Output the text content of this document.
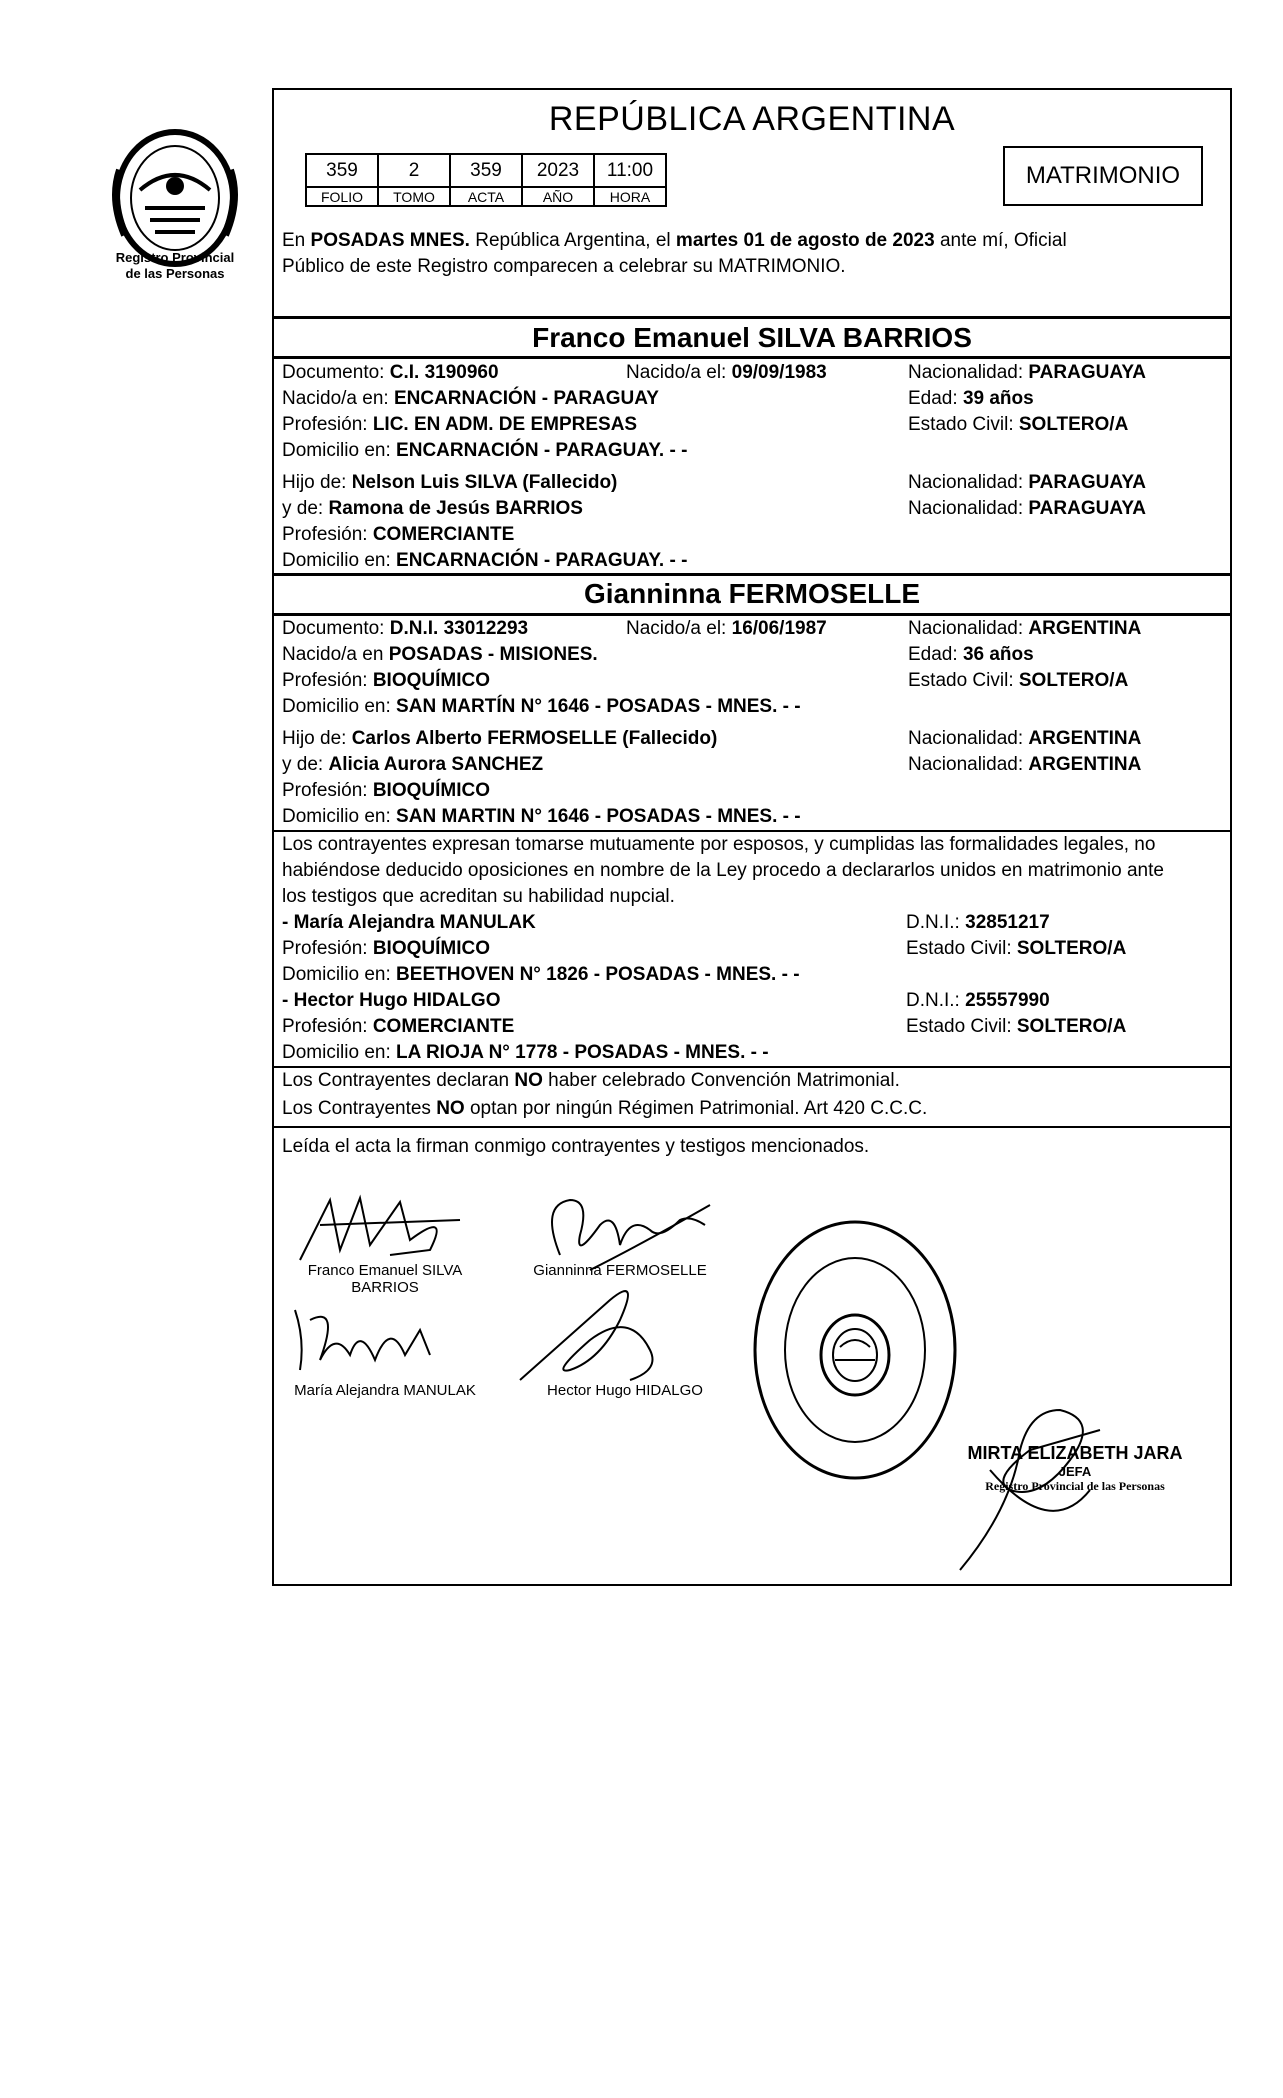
Registro Provincial
de las Personas
REPÚBLICA ARGENTINA
359	2	359	2023	11:00
FOLIO	TOMO	ACTA	AÑO	HORA
MATRIMONIO
En POSADAS MNES. República Argentina, el martes 01 de agosto de 2023 ante mí, Oficial
Público de este Registro comparecen a celebrar su MATRIMONIO.
Franco Emanuel SILVA BARRIOS
Documento: C.I. 3190960	Nacido/a el: 09/09/1983	Nacionalidad: PARAGUAYA
Nacido/a en: ENCARNACIÓN - PARAGUAY	Edad: 39 años
Profesión: LIC. EN ADM. DE EMPRESAS	Estado Civil: SOLTERO/A
Domicilio en: ENCARNACIÓN - PARAGUAY. - -
Hijo de: Nelson Luis SILVA (Fallecido)	Nacionalidad: PARAGUAYA
y de: Ramona de Jesús BARRIOS	Nacionalidad: PARAGUAYA
Profesión: COMERCIANTE
Domicilio en: ENCARNACIÓN - PARAGUAY. - -
Gianninna FERMOSELLE
Documento: D.N.I. 33012293	Nacido/a el: 16/06/1987	Nacionalidad: ARGENTINA
Nacido/a en POSADAS - MISIONES.	Edad: 36 años
Profesión: BIOQUÍMICO	Estado Civil: SOLTERO/A
Domicilio en: SAN MARTÍN N° 1646 - POSADAS - MNES. - -
Hijo de: Carlos Alberto FERMOSELLE (Fallecido)	Nacionalidad: ARGENTINA
y de: Alicia Aurora SANCHEZ	Nacionalidad: ARGENTINA
Profesión: BIOQUÍMICO
Domicilio en: SAN MARTIN N° 1646 - POSADAS - MNES. - -
Los contrayentes expresan tomarse mutuamente por esposos, y cumplidas las formalidades legales, no
habiéndose deducido oposiciones en nombre de la Ley procedo a declararlos unidos en matrimonio ante
los testigos que acreditan su habilidad nupcial.
- María Alejandra MANULAK	D.N.I.: 32851217
Profesión: BIOQUÍMICO	Estado Civil: SOLTERO/A
Domicilio en: BEETHOVEN N° 1826 - POSADAS - MNES. - -
- Hector Hugo HIDALGO	D.N.I.: 25557990
Profesión: COMERCIANTE	Estado Civil: SOLTERO/A
Domicilio en: LA RIOJA N° 1778 - POSADAS - MNES. - -
Los Contrayentes declaran NO haber celebrado Convención Matrimonial.
Los Contrayentes NO optan por ningún Régimen Patrimonial. Art 420 C.C.C.
Leída el acta la firman conmigo contrayentes y testigos mencionados.
Franco Emanuel SILVA
BARRIOS
Gianninna FERMOSELLE
María Alejandra MANULAK	Hector Hugo HIDALGO
MIRTA ELIZABETH JARA
JEFA
Registro Provincial de las Personas
